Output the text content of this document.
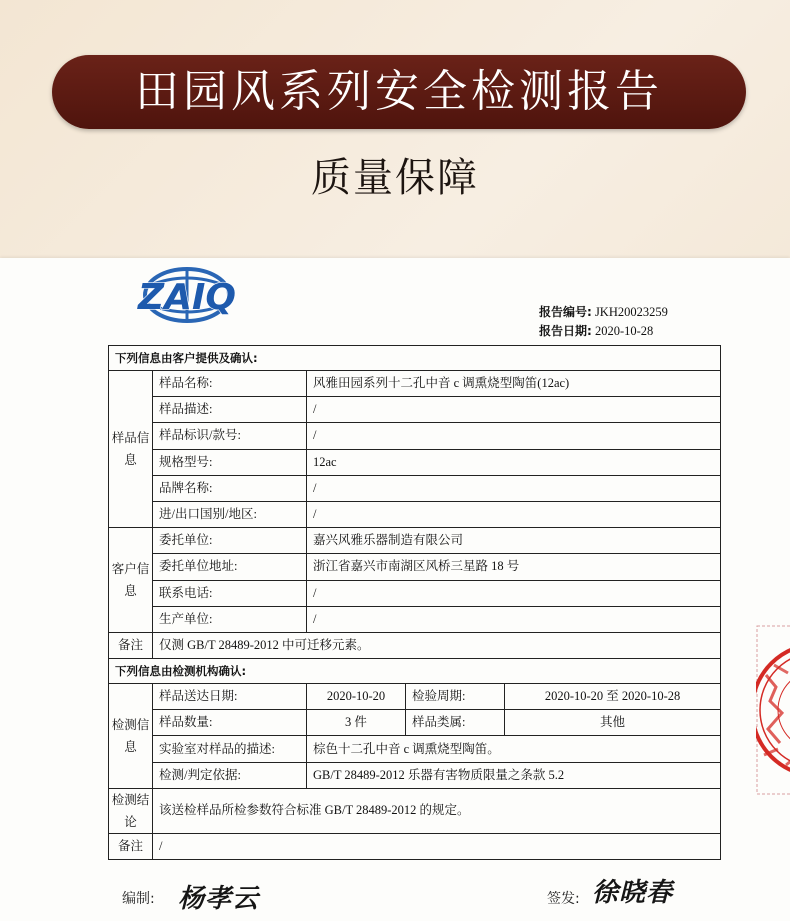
田园风系列安全检测报告
质量保障
ZAIQ	报告编号: JKH20023259
报告日期: 2020-10-28
下列信息由客户提供及确认:				
样品信息	样品名称:	风雅田园系列十二孔中音 c 调熏烧型陶笛(12ac)		
	样品描述:	/		
	样品标识/款号:	/		
	规格型号:	12ac		
	品牌名称:	/		
	进/出口国别/地区:	/		
客户信息	委托单位:	嘉兴风雅乐器制造有限公司		
	委托单位地址:	浙江省嘉兴市南湖区风桥三星路 18 号		
	联系电话:	/		
	生产单位:	/		
备注	仅测 GB/T 28489-2012 中可迁移元素。			
下列信息由检测机构确认:				
检测信息	样品送达日期:	2020-10-20	检验周期:	2020-10-20 至 2020-10-28
	样品数量:	3 件	样品类属:	其他
	实验室对样品的描述:	棕色十二孔中音 c 调熏烧型陶笛。		
	检测/判定依据:	GB/T 28489-2012 乐器有害物质限量之条款 5.2		
检测结论	该送检样品所检参数符合标准 GB/T 28489-2012 的规定。			
备注	/			
编制: 杨孝云	签发: 徐晓春
